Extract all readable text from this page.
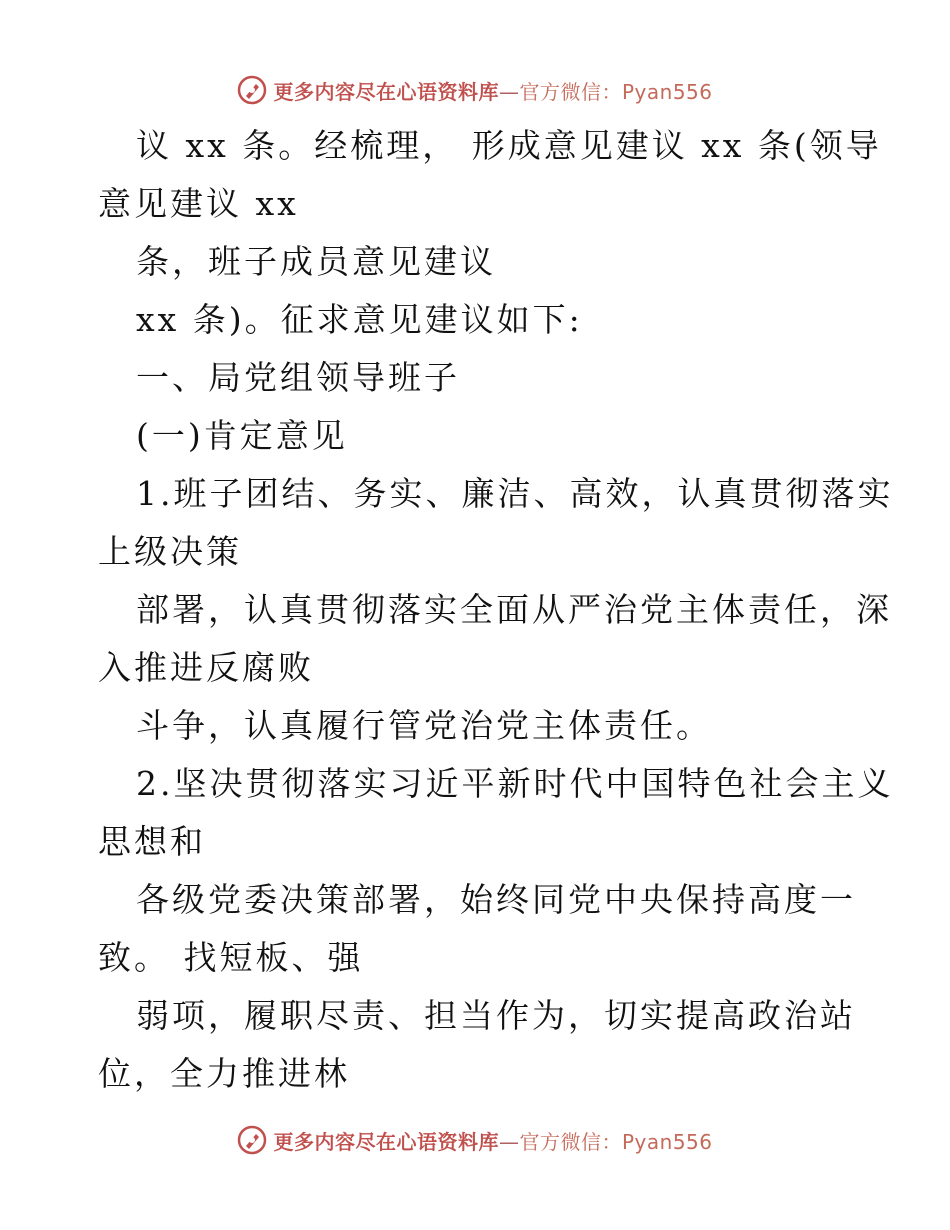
更多内容尽在心语资料库—官方微信：Pyan556
议 xx 条。经梳理， 形成意见建议 xx 条(领导
意见建议 xx
条，班子成员意见建议
xx 条)。征求意见建议如下:
一、局党组领导班子
(一)肯定意见
1.班子团结、务实、廉洁、高效，认真贯彻落实
上级决策
部署，认真贯彻落实全面从严治党主体责任，深
入推进反腐败
斗争，认真履行管党治党主体责任。
2.坚决贯彻落实习近平新时代中国特色社会主义
思想和
各级党委决策部署，始终同党中央保持高度一
致。 找短板、强
弱项，履职尽责、担当作为，切实提高政治站
位，全力推进林
更多内容尽在心语资料库—官方微信：Pyan556
